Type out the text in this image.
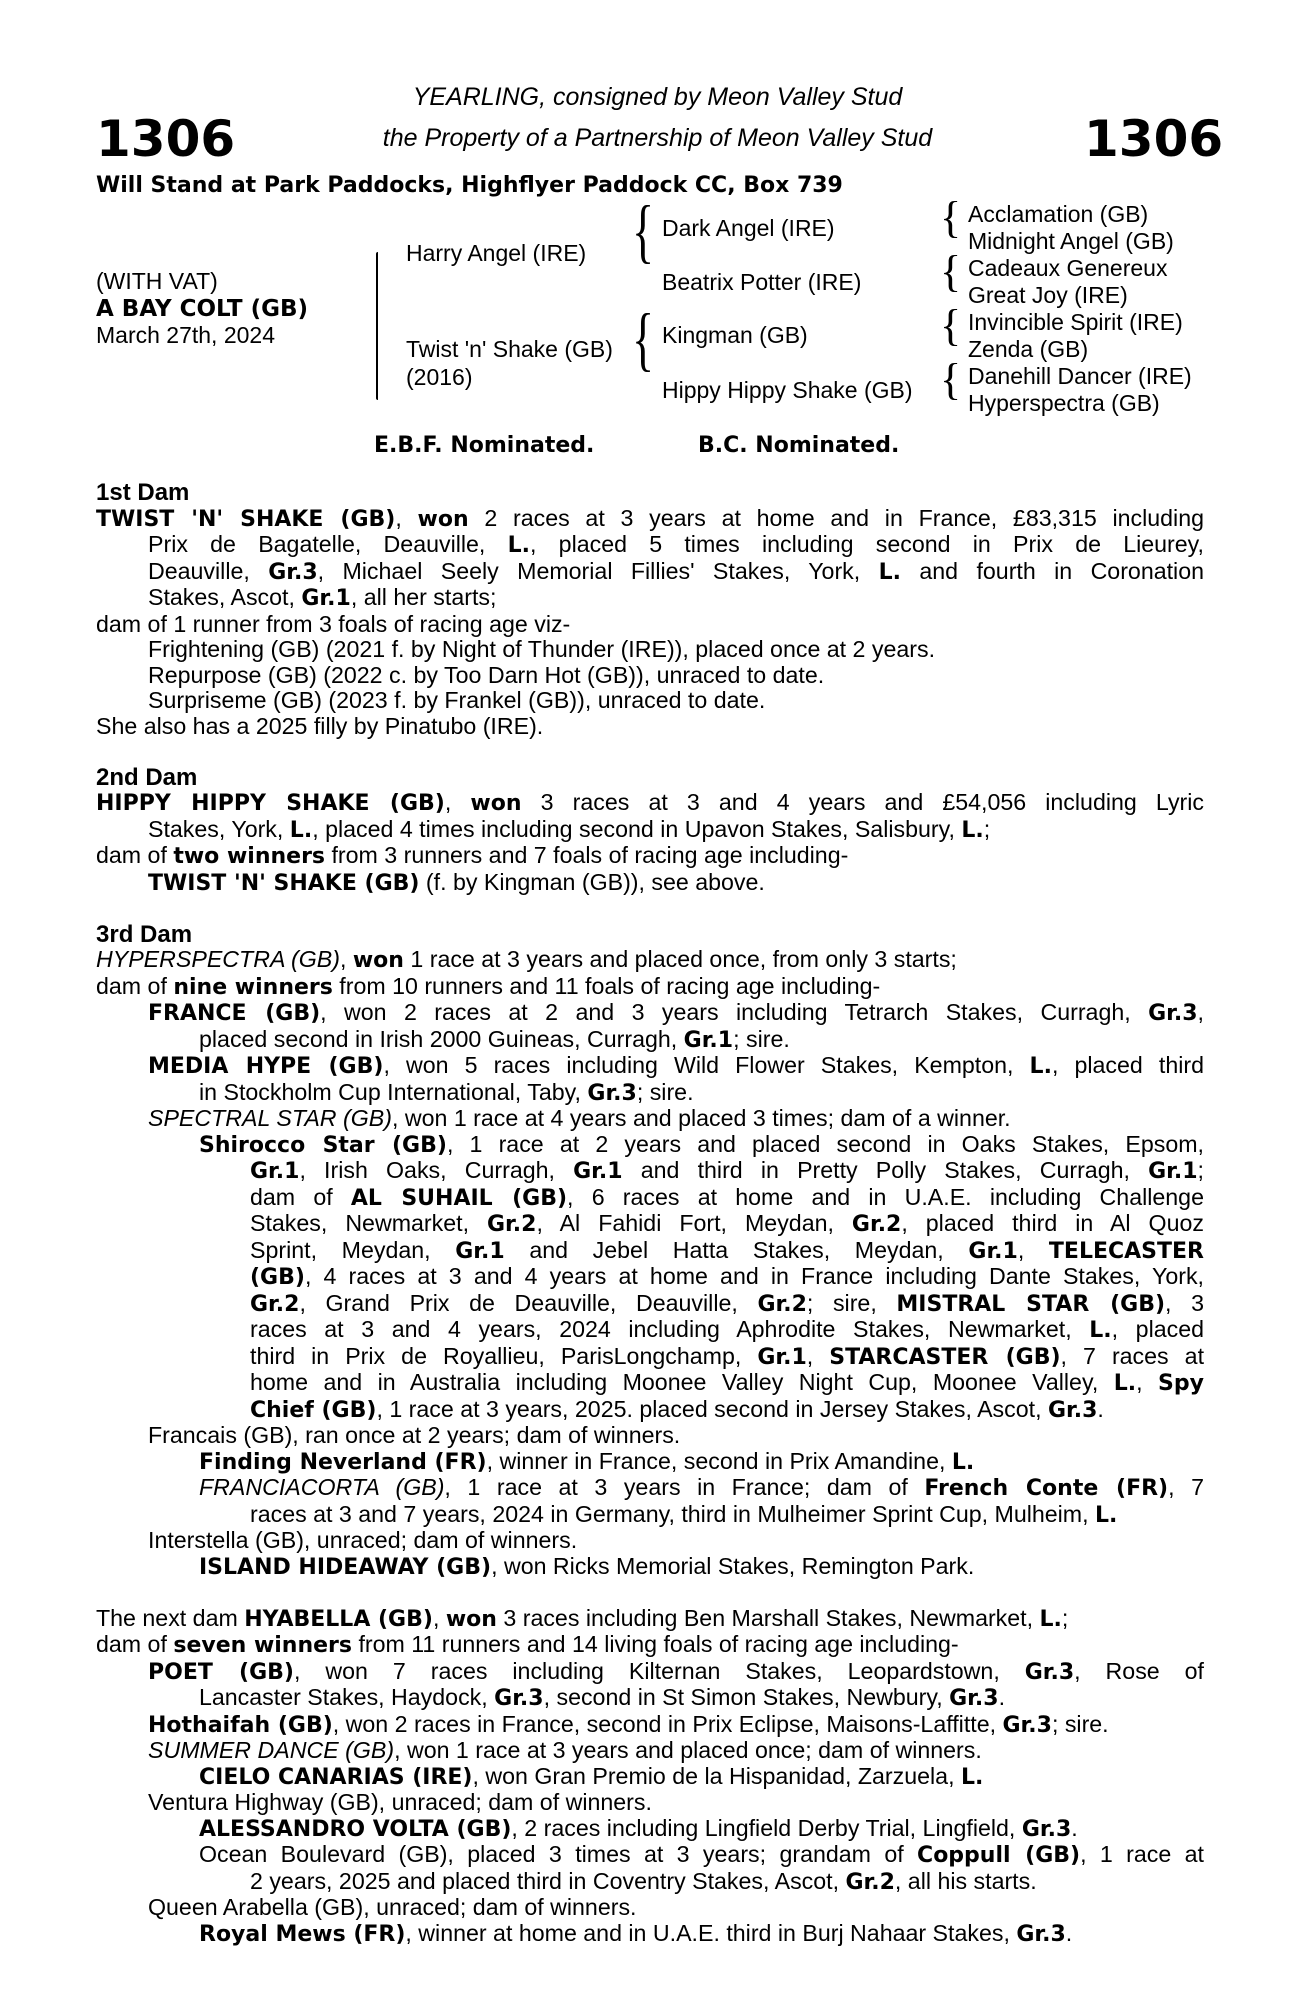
1306	1306
YEARLING, consigned by Meon Valley Stud
the Property of a Partnership of Meon Valley Stud
Will Stand at Park Paddocks, Highflyer Paddock CC, Box 739
(WITH VAT)
A BAY COLT (GB)
March 27th, 2024
Harry Angel (IRE)
Twist 'n' Shake (GB)
(2016)
{ Dark Angel (IRE)
Beatrix Potter (IRE)
{ Kingman (GB)
Hippy Hippy Shake (GB)
{ Acclamation (GB)
Midnight Angel (GB)
{ Cadeaux Genereux
Great Joy (IRE)
{ Invincible Spirit (IRE)
Zenda (GB)
{ Danehill Dancer (IRE)
Hyperspectra (GB)
E.B.F. Nominated.	B.C. Nominated.
1st Dam
TWIST 'N' SHAKE (GB), won 2 races at 3 years at home and in France, £83,315 including
Prix de Bagatelle, Deauville, L., placed 5 times including second in Prix de Lieurey,
Deauville, Gr.3, Michael Seely Memorial Fillies' Stakes, York, L. and fourth in Coronation
Stakes, Ascot, Gr.1, all her starts;
dam of 1 runner from 3 foals of racing age viz-
Frightening (GB) (2021 f. by Night of Thunder (IRE)), placed once at 2 years.
Repurpose (GB) (2022 c. by Too Darn Hot (GB)), unraced to date.
Surpriseme (GB) (2023 f. by Frankel (GB)), unraced to date.
She also has a 2025 filly by Pinatubo (IRE).
2nd Dam
HIPPY HIPPY SHAKE (GB), won 3 races at 3 and 4 years and £54,056 including Lyric
Stakes, York, L., placed 4 times including second in Upavon Stakes, Salisbury, L.;
dam of two winners from 3 runners and 7 foals of racing age including-
TWIST 'N' SHAKE (GB) (f. by Kingman (GB)), see above.
3rd Dam
HYPERSPECTRA (GB), won 1 race at 3 years and placed once, from only 3 starts;
dam of nine winners from 10 runners and 11 foals of racing age including-
FRANCE (GB), won 2 races at 2 and 3 years including Tetrarch Stakes, Curragh, Gr.3,
placed second in Irish 2000 Guineas, Curragh, Gr.1; sire.
MEDIA HYPE (GB), won 5 races including Wild Flower Stakes, Kempton, L., placed third
in Stockholm Cup International, Taby, Gr.3; sire.
SPECTRAL STAR (GB), won 1 race at 4 years and placed 3 times; dam of a winner.
Shirocco Star (GB), 1 race at 2 years and placed second in Oaks Stakes, Epsom,
Gr.1, Irish Oaks, Curragh, Gr.1 and third in Pretty Polly Stakes, Curragh, Gr.1;
dam of AL SUHAIL (GB), 6 races at home and in U.A.E. including Challenge
Stakes, Newmarket, Gr.2, Al Fahidi Fort, Meydan, Gr.2, placed third in Al Quoz
Sprint, Meydan, Gr.1 and Jebel Hatta Stakes, Meydan, Gr.1, TELECASTER
(GB), 4 races at 3 and 4 years at home and in France including Dante Stakes, York,
Gr.2, Grand Prix de Deauville, Deauville, Gr.2; sire, MISTRAL STAR (GB), 3
races at 3 and 4 years, 2024 including Aphrodite Stakes, Newmarket, L., placed
third in Prix de Royallieu, ParisLongchamp, Gr.1, STARCASTER (GB), 7 races at
home and in Australia including Moonee Valley Night Cup, Moonee Valley, L., Spy
Chief (GB), 1 race at 3 years, 2025. placed second in Jersey Stakes, Ascot, Gr.3.
Francais (GB), ran once at 2 years; dam of winners.
Finding Neverland (FR), winner in France, second in Prix Amandine, L.
FRANCIACORTA (GB), 1 race at 3 years in France; dam of French Conte (FR), 7
races at 3 and 7 years, 2024 in Germany, third in Mulheimer Sprint Cup, Mulheim, L.
Interstella (GB), unraced; dam of winners.
ISLAND HIDEAWAY (GB), won Ricks Memorial Stakes, Remington Park.
The next dam HYABELLA (GB), won 3 races including Ben Marshall Stakes, Newmarket, L.;
dam of seven winners from 11 runners and 14 living foals of racing age including-
POET (GB), won 7 races including Kilternan Stakes, Leopardstown, Gr.3, Rose of
Lancaster Stakes, Haydock, Gr.3, second in St Simon Stakes, Newbury, Gr.3.
Hothaifah (GB), won 2 races in France, second in Prix Eclipse, Maisons-Laffitte, Gr.3; sire.
SUMMER DANCE (GB), won 1 race at 3 years and placed once; dam of winners.
CIELO CANARIAS (IRE), won Gran Premio de la Hispanidad, Zarzuela, L.
Ventura Highway (GB), unraced; dam of winners.
ALESSANDRO VOLTA (GB), 2 races including Lingfield Derby Trial, Lingfield, Gr.3.
Ocean Boulevard (GB), placed 3 times at 3 years; grandam of Coppull (GB), 1 race at
2 years, 2025 and placed third in Coventry Stakes, Ascot, Gr.2, all his starts.
Queen Arabella (GB), unraced; dam of winners.
Royal Mews (FR), winner at home and in U.A.E. third in Burj Nahaar Stakes, Gr.3.
